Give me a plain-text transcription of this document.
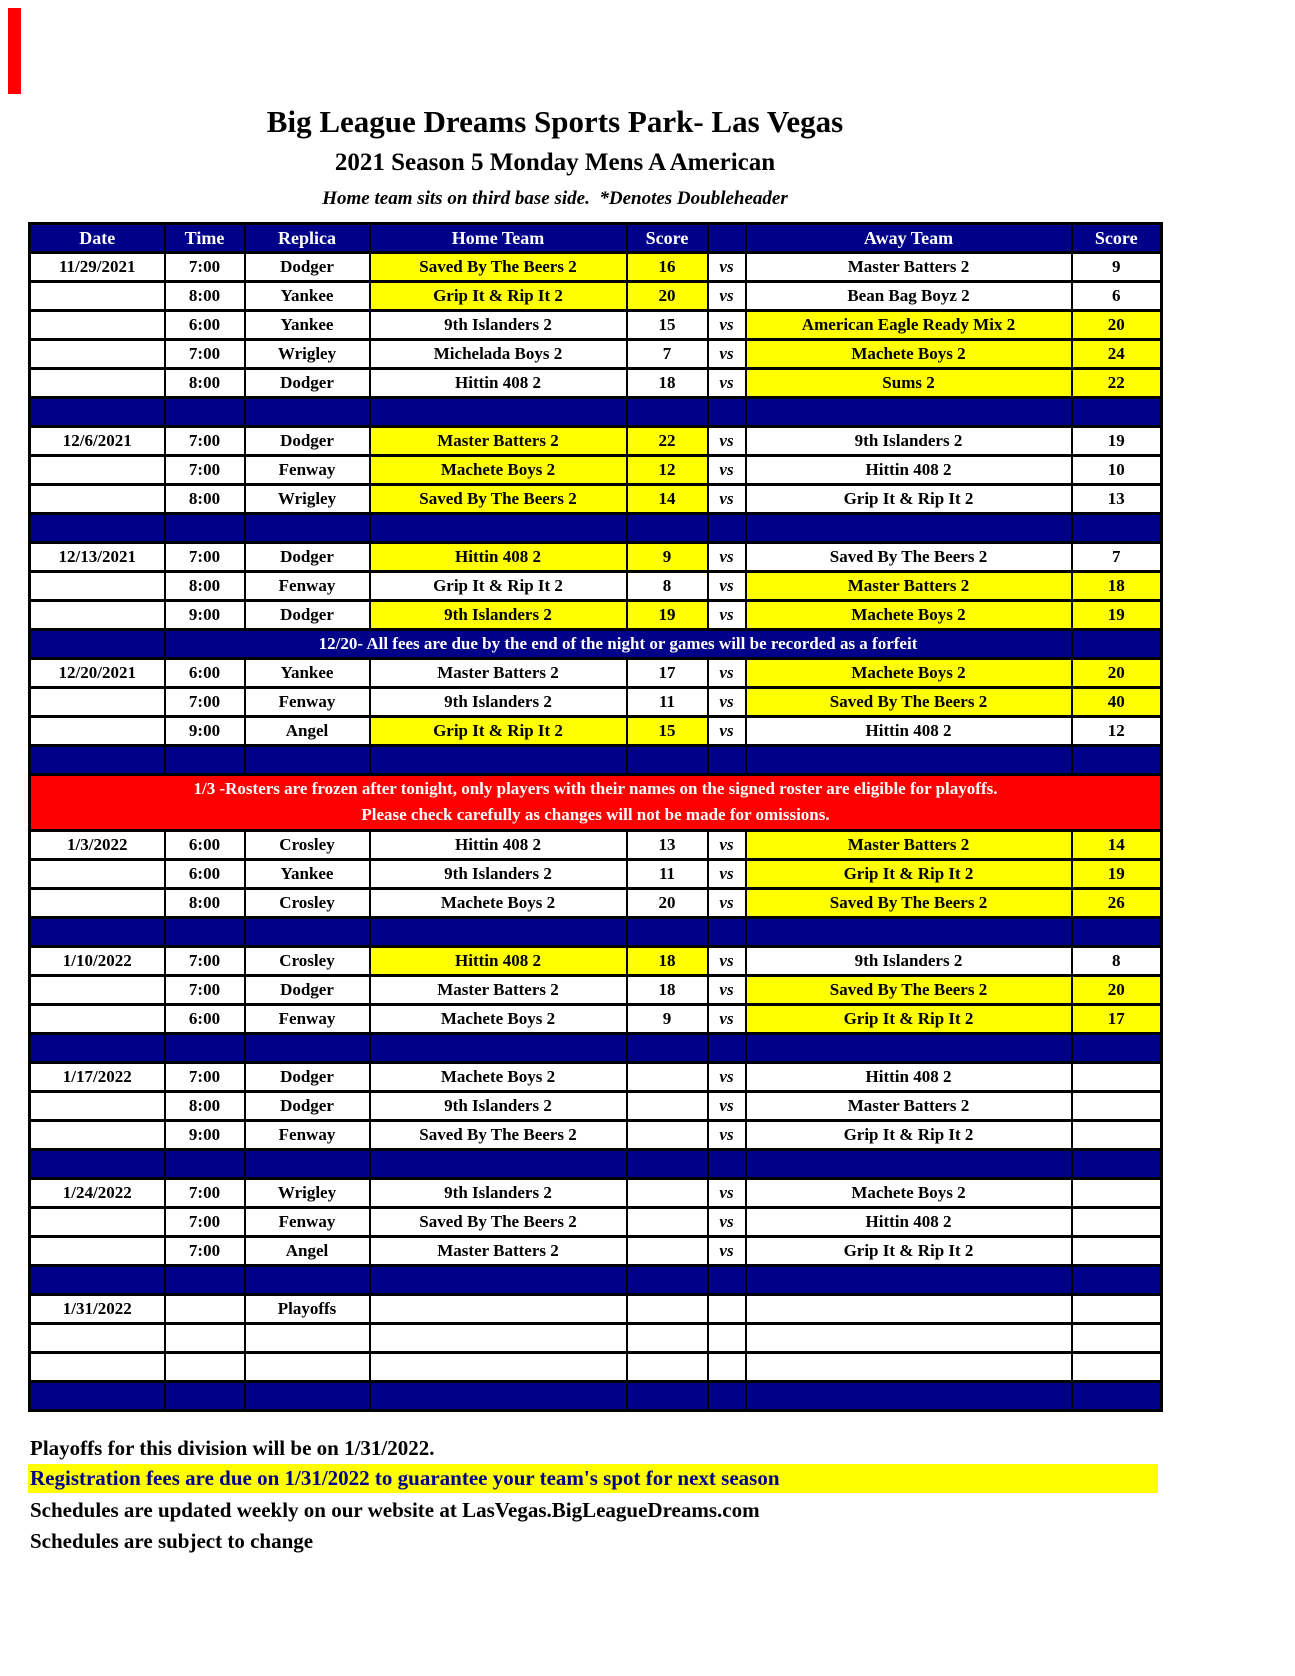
Big League Dreams Sports Park- Las Vegas
2021 Season 5 Monday Mens A American
Home team sits on third base side.  *Denotes Doubleheader
Date	Time	Replica	Home Team	Score		Away Team	Score
11/29/2021	7:00	Dodger	Saved By The Beers 2	16	vs	Master Batters 2	9
	8:00	Yankee	Grip It & Rip It 2	20	vs	Bean Bag Boyz 2	6
	6:00	Yankee	9th Islanders 2	15	vs	American Eagle Ready Mix 2	20
	7:00	Wrigley	Michelada Boys 2	7	vs	Machete Boys 2	24
	8:00	Dodger	Hittin 408 2	18	vs	Sums 2	22

12/6/2021	7:00	Dodger	Master Batters 2	22	vs	9th Islanders 2	19
	7:00	Fenway	Machete Boys 2	12	vs	Hittin 408 2	10
	8:00	Wrigley	Saved By The Beers 2	14	vs	Grip It & Rip It 2	13

12/13/2021	7:00	Dodger	Hittin 408 2	9	vs	Saved By The Beers 2	7
	8:00	Fenway	Grip It & Rip It 2	8	vs	Master Batters 2	18
	9:00	Dodger	9th Islanders 2	19	vs	Machete Boys 2	19
	12/20- All fees are due by the end of the night or games will be recorded as a forfeit						
12/20/2021	6:00	Yankee	Master Batters 2	17	vs	Machete Boys 2	20
	7:00	Fenway	9th Islanders 2	11	vs	Saved By The Beers 2	40
	9:00	Angel	Grip It & Rip It 2	15	vs	Hittin 408 2	12

1/3 -Rosters are frozen after tonight, only players with their names on the signed roster are eligible for playoffs.
Please check carefully as changes will not be made for omissions.							

1/3/2022	6:00	Crosley	Hittin 408 2	13	vs	Master Batters 2	14
	6:00	Yankee	9th Islanders 2	11	vs	Grip It & Rip It 2	19
	8:00	Crosley	Machete Boys 2	20	vs	Saved By The Beers 2	26

1/10/2022	7:00	Crosley	Hittin 408 2	18	vs	9th Islanders 2	8
	7:00	Dodger	Master Batters 2	18	vs	Saved By The Beers 2	20
	6:00	Fenway	Machete Boys 2	9	vs	Grip It & Rip It 2	17

1/17/2022	7:00	Dodger	Machete Boys 2		vs	Hittin 408 2	
	8:00	Dodger	9th Islanders 2		vs	Master Batters 2	
	9:00	Fenway	Saved By The Beers 2		vs	Grip It & Rip It 2	

1/24/2022	7:00	Wrigley	9th Islanders 2		vs	Machete Boys 2	
	7:00	Fenway	Saved By The Beers 2		vs	Hittin 408 2	
	7:00	Angel	Master Batters 2		vs	Grip It & Rip It 2	

1/31/2022		Playoffs					

Playoffs for this division will be on 1/31/2022.
Registration fees are due on 1/31/2022 to guarantee your team's spot for next season
Schedules are updated weekly on our website at LasVegas.BigLeagueDreams.com
Schedules are subject to change
